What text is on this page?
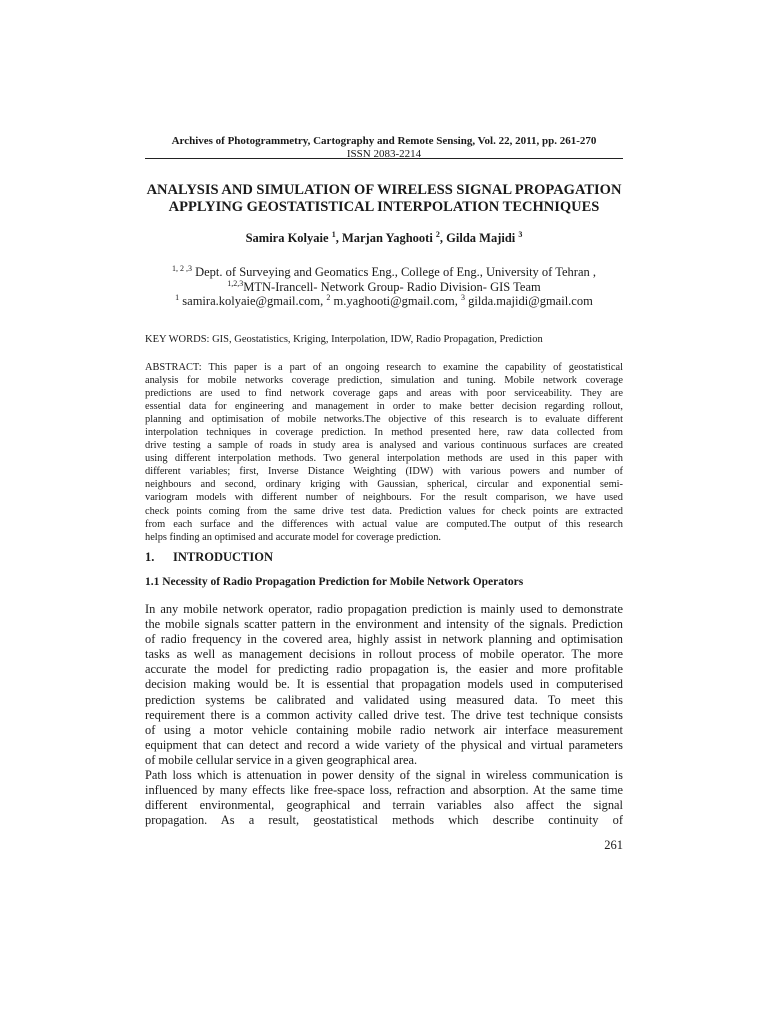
Archives of Photogrammetry, Cartography and Remote Sensing, Vol. 22, 2011, pp. 261-270
ISSN 2083-2214
ANALYSIS AND SIMULATION OF WIRELESS SIGNAL PROPAGATION
APPLYING GEOSTATISTICAL INTERPOLATION TECHNIQUES
Samira Kolyaie $^1$, Marjan Yaghooti $^2$, Gilda Majidi $^3$
$^{1, 2 ,3}$ Dept. of Surveying and Geomatics Eng., College of Eng., University of Tehran ,
$^{1,2,3}$MTN-Irancell- Network Group- Radio Division- GIS Team
$^1$ samira.kolyaie@gmail.com, $^2$ m.yaghooti@gmail.com, $^3$ gilda.majidi@gmail.com
KEY WORDS: GIS, Geostatistics, Kriging, Interpolation, IDW, Radio Propagation, Prediction
ABSTRACT: This paper is a part of an ongoing research to examine the capability of geostatistical
analysis for mobile networks coverage prediction, simulation and tuning. Mobile network coverage
predictions are used to find network coverage gaps and areas with poor serviceability. They are
essential data for engineering and management in order to make better decision regarding rollout,
planning and optimisation of mobile networks.The objective of this research is to evaluate different
interpolation techniques in coverage prediction. In method presented here, raw data collected from
drive testing a sample of roads in study area is analysed and various continuous surfaces are created
using different interpolation methods. Two general interpolation methods are used in this paper with
different variables; first, Inverse Distance Weighting (IDW) with various powers and number of
neighbours and second, ordinary kriging with Gaussian, spherical, circular and exponential semi-
variogram models with different number of neighbours. For the result comparison, we have used
check points coming from the same drive test data. Prediction values for check points are extracted
from each surface and the differences with actual value are computed.The output of this research
helps finding an optimised and accurate model for coverage prediction.
1. INTRODUCTION
1.1 Necessity of Radio Propagation Prediction for Mobile Network Operators
In any mobile network operator, radio propagation prediction is mainly used to demonstrate
the mobile signals scatter pattern in the environment and intensity of the signals. Prediction
of radio frequency in the covered area, highly assist in network planning and optimisation
tasks as well as management decisions in rollout process of mobile operator. The more
accurate the model for predicting radio propagation is, the easier and more profitable
decision making would be. It is essential that propagation models used in computerised
prediction systems be calibrated and validated using measured data. To meet this
requirement there is a common activity called drive test. The drive test technique consists
of using a motor vehicle containing mobile radio network air interface measurement
equipment that can detect and record a wide variety of the physical and virtual parameters
of mobile cellular service in a given geographical area.
Path loss which is attenuation in power density of the signal in wireless communication is
influenced by many effects like free-space loss, refraction and absorption. At the same time
different environmental, geographical and terrain variables also affect the signal
propagation. As a result, geostatistical methods which describe continuity of
261
